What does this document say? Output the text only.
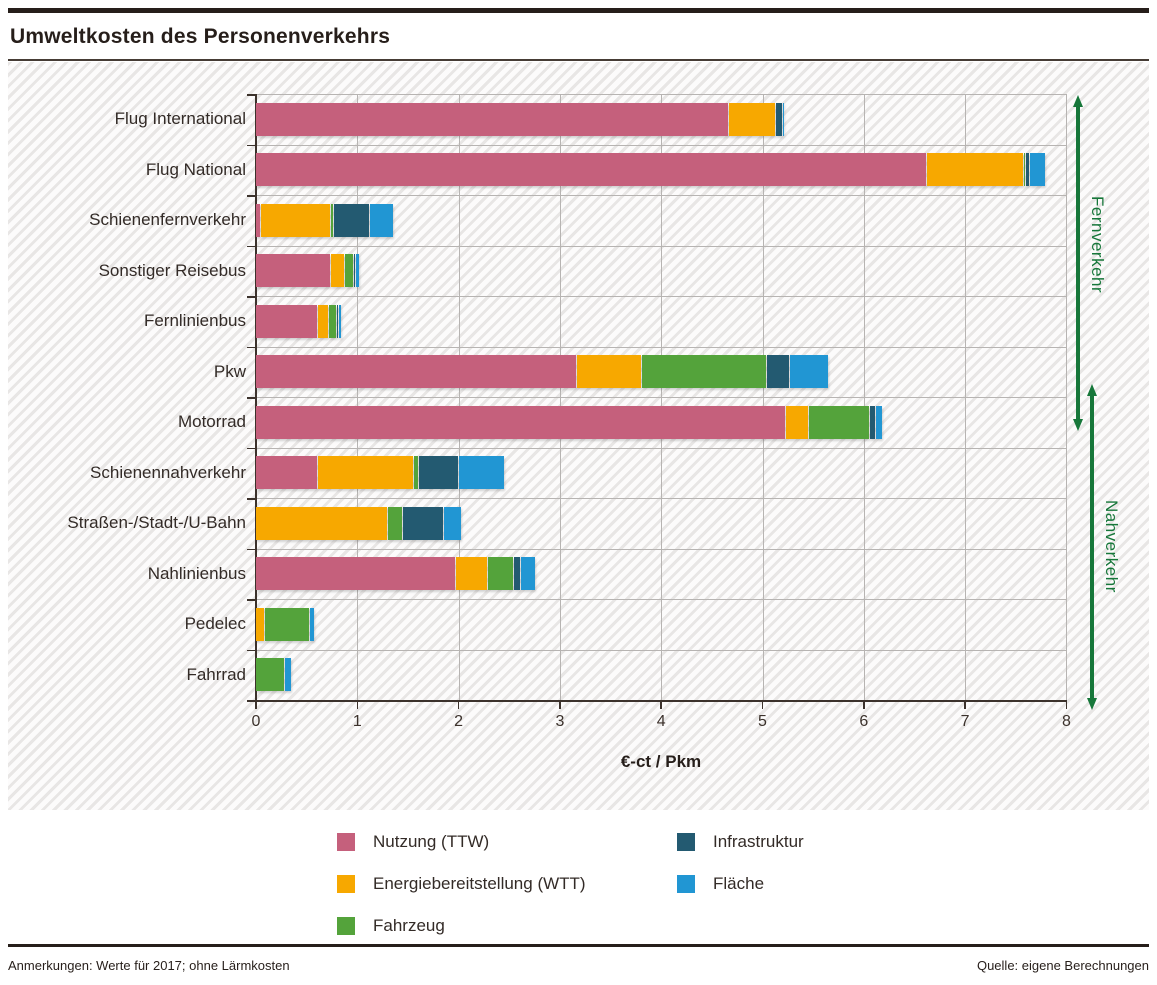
Umweltkosten des Personenverkehrs
0	1	2	3	4	5	6	7	8
Flug International
Flug National
Schienenfernverkehr
Sonstiger Reisebus
Fernlinienbus
Pkw
Motorrad
Schienennahverkehr
Straßen-/Stadt-/U-Bahn
Nahlinienbus
Pedelec
Fahrrad
Fernverkehr
Nahverkehr
€-ct / Pkm
Nutzung (TTW)
Energiebereitstellung (WTT)
Fahrzeug
Infrastruktur
Fläche
Anmerkungen: Werte für 2017; ohne Lärmkosten	Quelle: eigene Berechnungen
